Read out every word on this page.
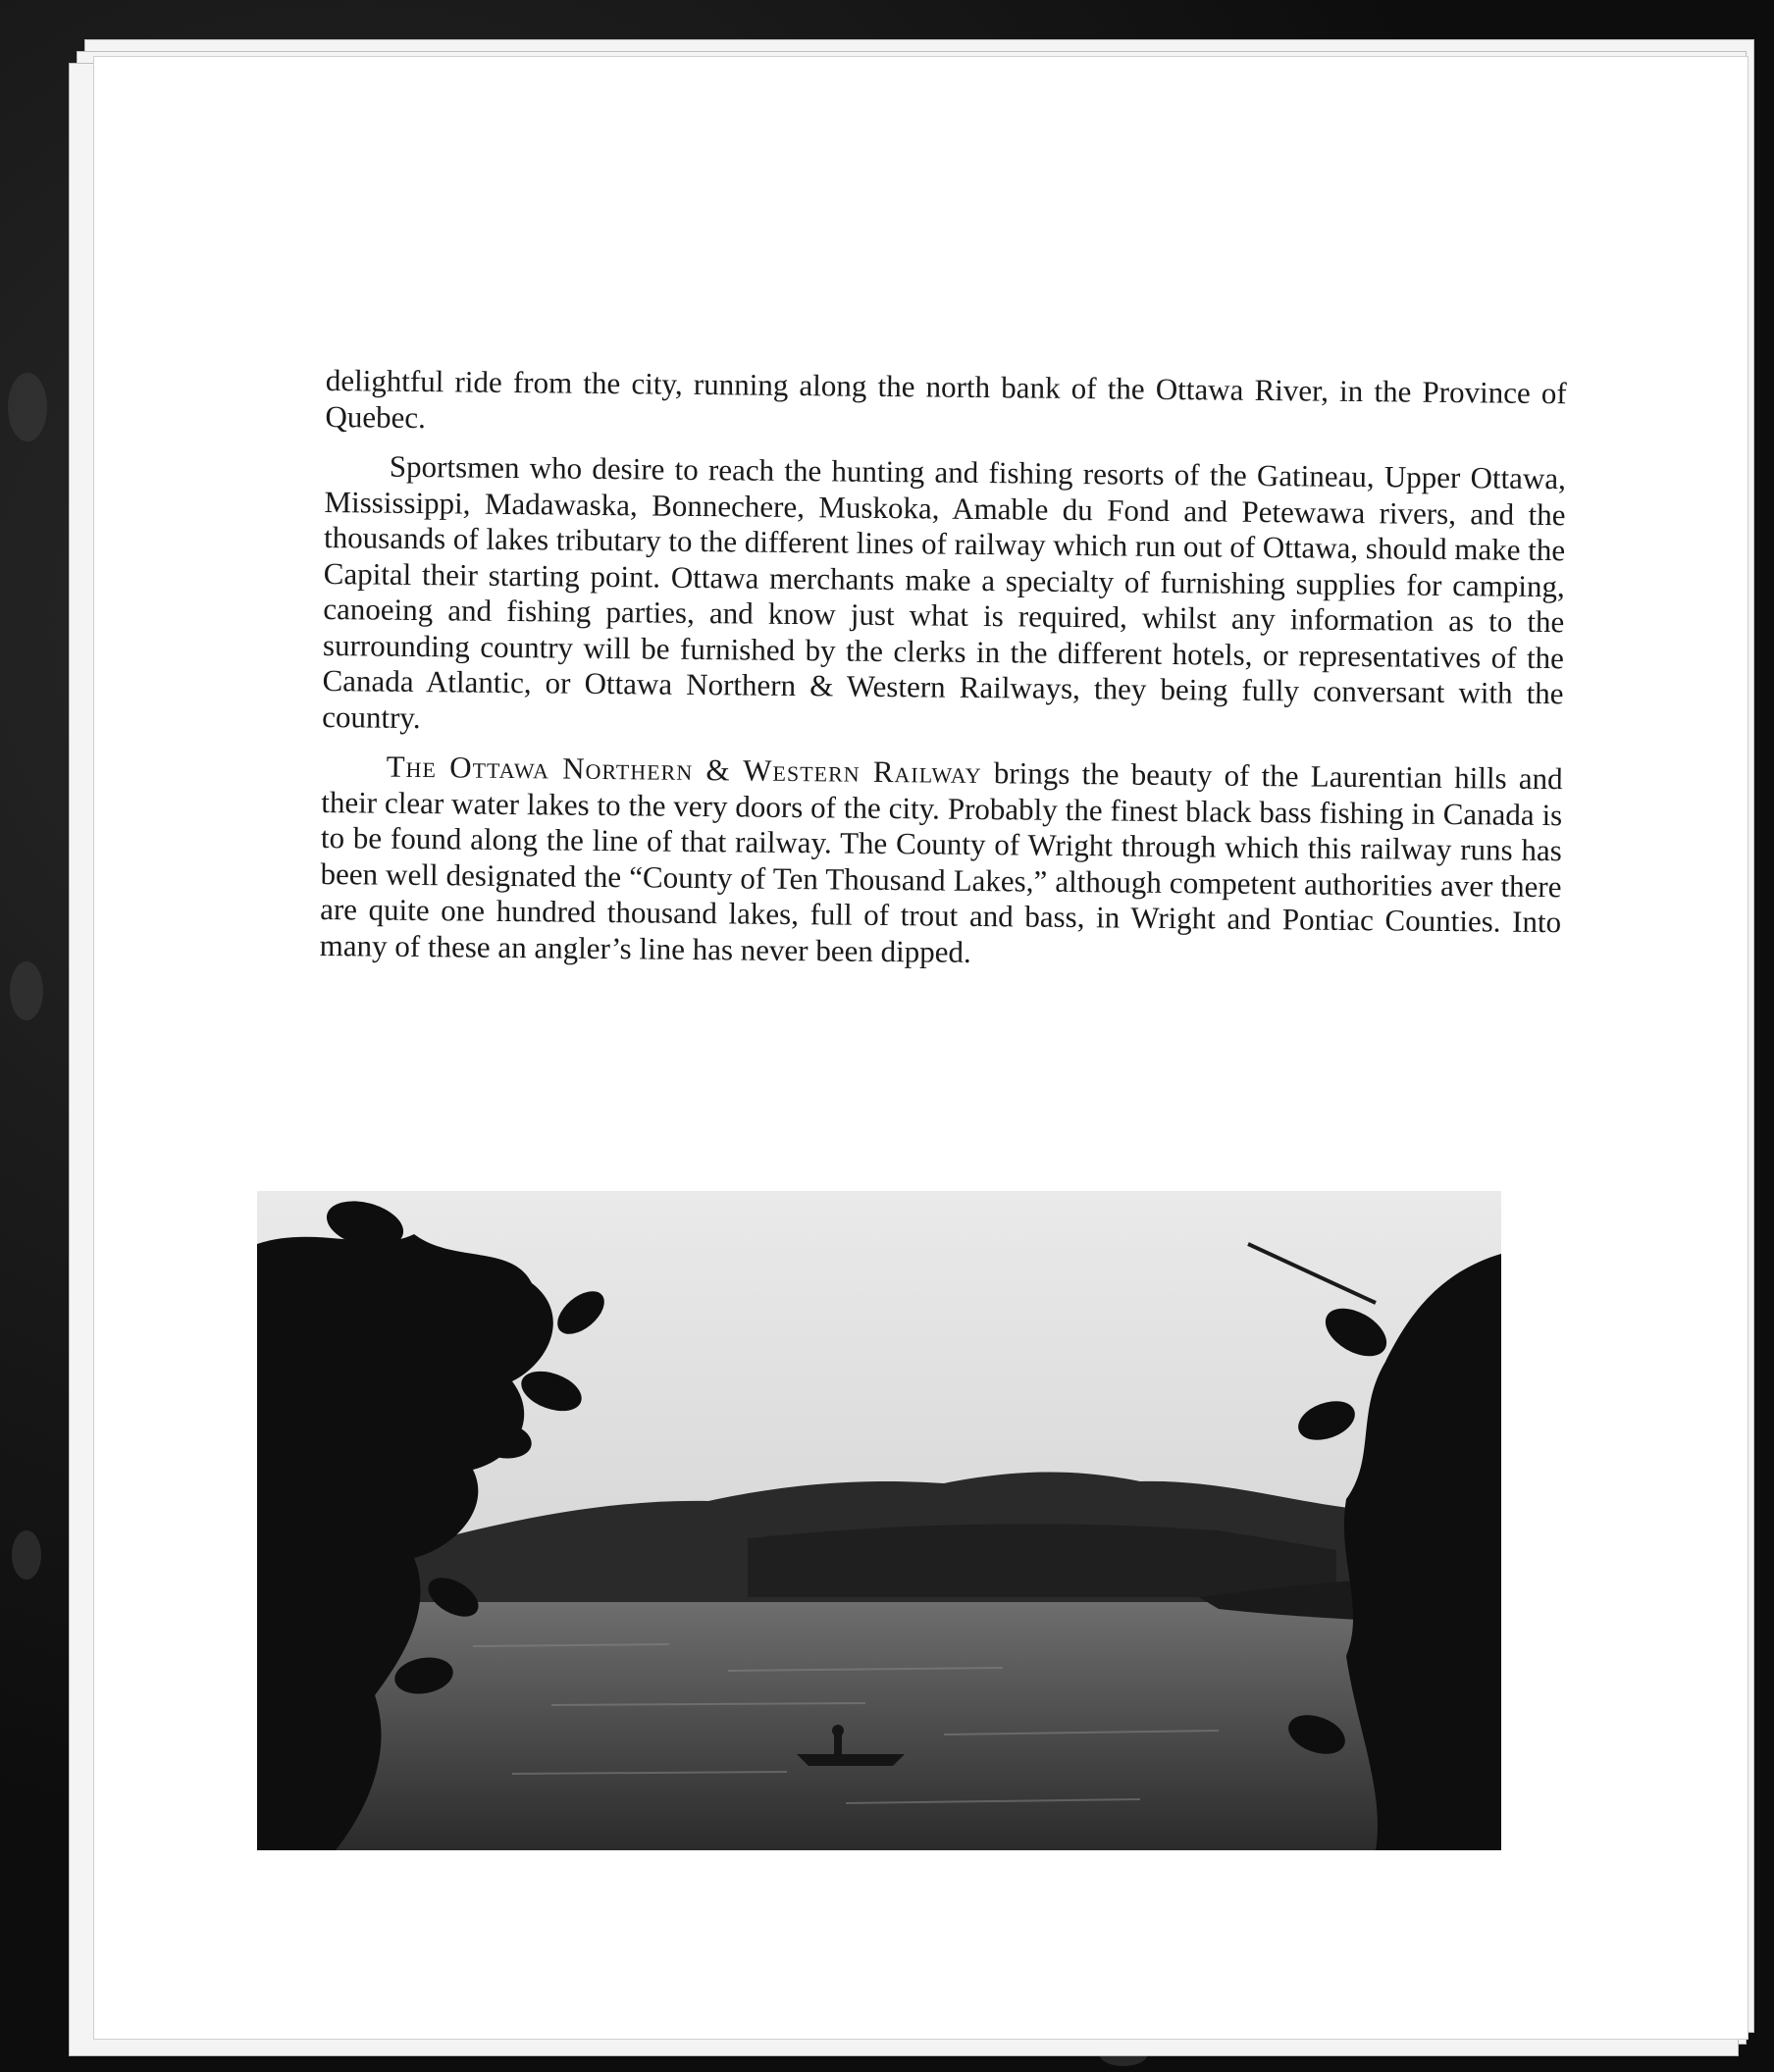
delightful ride from the city, running along the north bank of the Ottawa River, in the Province of Quebec.

Sportsmen who desire to reach the hunting and fishing resorts of the Gatineau, Upper Ottawa, Mississippi, Madawaska, Bonnechere, Muskoka, Amable du Fond and Petewawa rivers, and the thousands of lakes tributary to the different lines of railway which run out of Ottawa, should make the Capital their starting point. Ottawa merchants make a specialty of furnishing supplies for camping, canoeing and fishing parties, and know just what is required, whilst any information as to the surrounding country will be furnished by the clerks in the different hotels, or representatives of the Canada Atlantic, or Ottawa Northern & Western Railways, they being fully conversant with the country.

The Ottawa Northern & Western Railway brings the beauty of the Laurentian hills and their clear water lakes to the very doors of the city. Probably the finest black bass fishing in Canada is to be found along the line of that railway. The County of Wright through which this railway runs has been well designated the “County of Ten Thousand Lakes,” although competent authorities aver there are quite one hundred thousand lakes, full of trout and bass, in Wright and Pontiac Counties. Into many of these an angler’s line has never been dipped.
